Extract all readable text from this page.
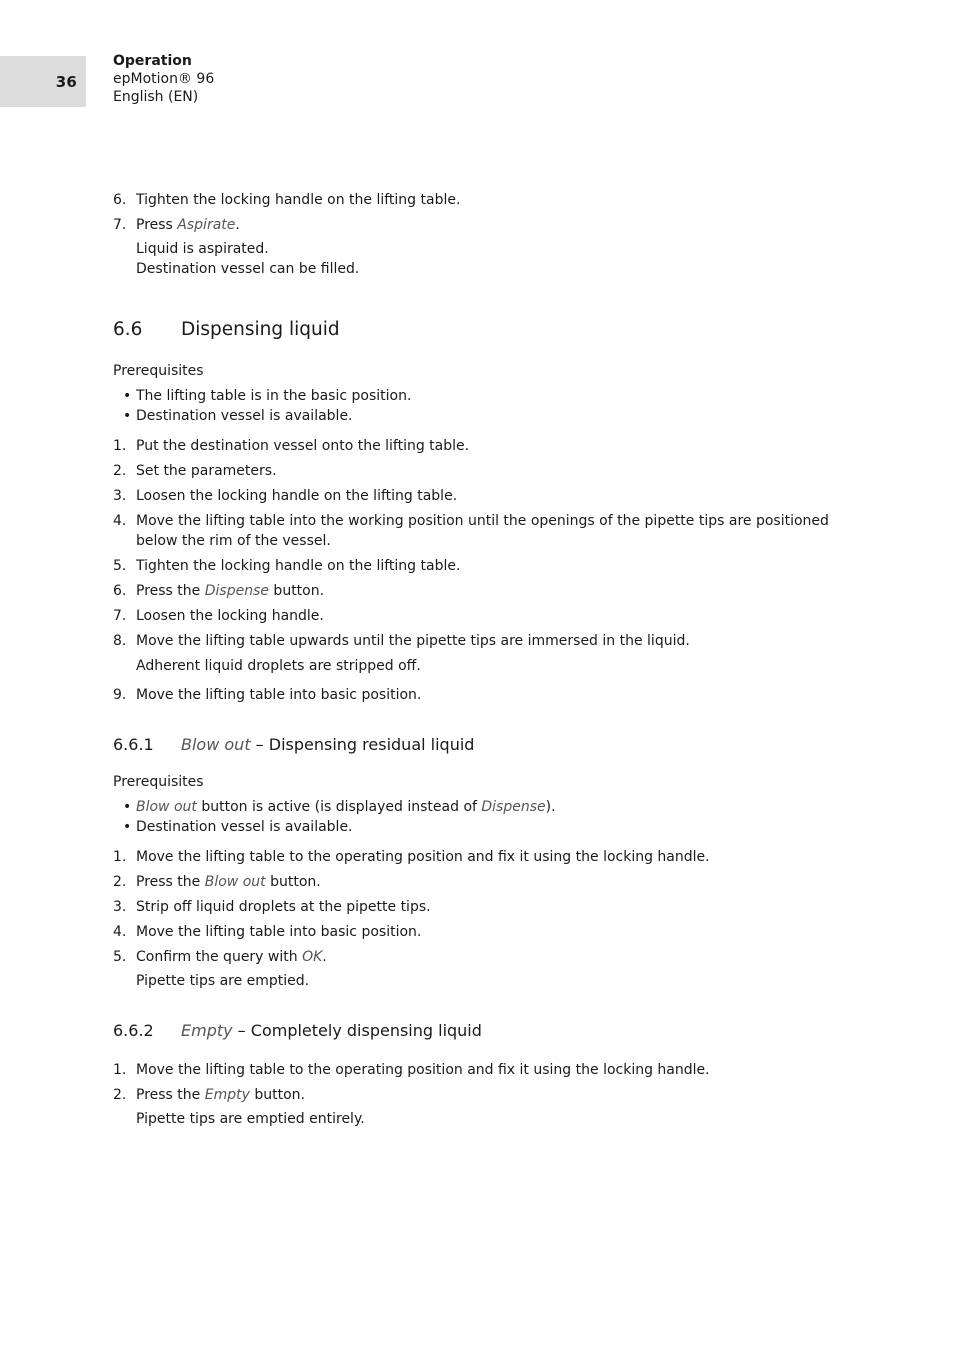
36
Operation
epMotion® 96
English (EN)
6. Tighten the locking handle on the lifting table.
7. Press Aspirate.
Liquid is aspirated.
Destination vessel can be filled.
6.6	Dispensing liquid
Prerequisites
• The lifting table is in the basic position.
• Destination vessel is available.
1. Put the destination vessel onto the lifting table.
2. Set the parameters.
3. Loosen the locking handle on the lifting table.
4. Move the lifting table into the working position until the openings of the pipette tips are positioned below the rim of the vessel.
5. Tighten the locking handle on the lifting table.
6. Press the Dispense button.
7. Loosen the locking handle.
8. Move the lifting table upwards until the pipette tips are immersed in the liquid.
Adherent liquid droplets are stripped off.
9. Move the lifting table into basic position.
6.6.1	Blow out – Dispensing residual liquid
Prerequisites
• Blow out button is active (is displayed instead of Dispense).
• Destination vessel is available.
1. Move the lifting table to the operating position and fix it using the locking handle.
2. Press the Blow out button.
3. Strip off liquid droplets at the pipette tips.
4. Move the lifting table into basic position.
5. Confirm the query with OK.
Pipette tips are emptied.
6.6.2	Empty – Completely dispensing liquid
1. Move the lifting table to the operating position and fix it using the locking handle.
2. Press the Empty button.
Pipette tips are emptied entirely.
